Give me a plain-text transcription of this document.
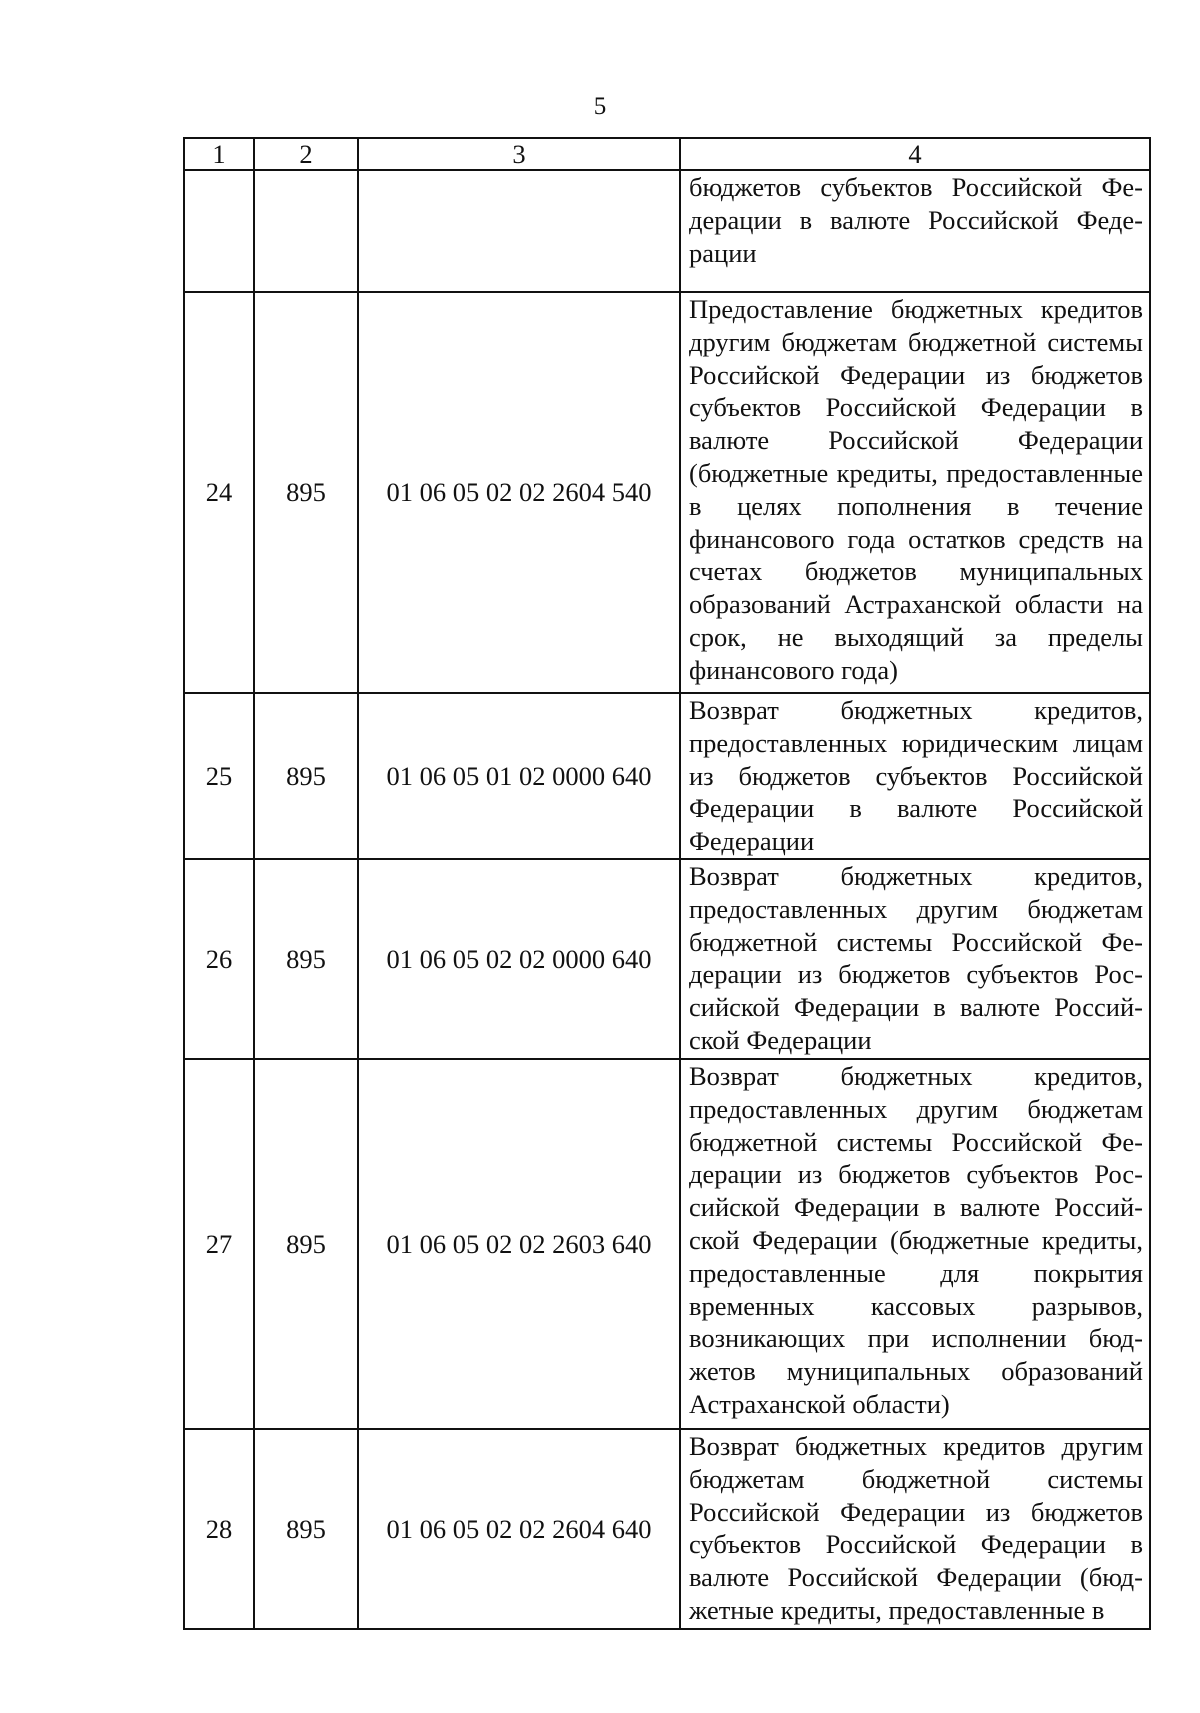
5
1	2	3	4
			бюджетов субъектов Российской Федерации в валюте Российской Федерации
24	895	01 06 05 02 02 2604 540	Предоставление бюджетных кредитов другим бюджетам бюджетной системы Российской Федерации из бюджетов субъектов Российской Федерации в валюте Российской Федерации (бюджетные кредиты, предоставленные в целях пополнения в течение финансового года остатков средств на счетах бюджетов муниципальных образований Астраханской области на срок, не выходящий за пределы финансового года)
25	895	01 06 05 01 02 0000 640	Возврат бюджетных кредитов, предоставленных юридическим лицам из бюджетов субъектов Российской Федерации в валюте Российской Федерации
26	895	01 06 05 02 02 0000 640	Возврат бюджетных кредитов, предоставленных другим бюджетам бюджетной системы Российской Федерации из бюджетов субъектов Российской Федерации в валюте Российской Федерации
27	895	01 06 05 02 02 2603 640	Возврат бюджетных кредитов, предоставленных другим бюджетам бюджетной системы Российской Федерации из бюджетов субъектов Российской Федерации в валюте Российской Федерации (бюджетные кредиты, предоставленные для покрытия временных кассовых разрывов, возникающих при исполнении бюджетов муниципальных образований Астраханской области)
28	895	01 06 05 02 02 2604 640	Возврат бюджетных кредитов другим бюджетам бюджетной системы Российской Федерации из бюджетов субъектов Российской Федерации в валюте Российской Федерации (бюджетные кредиты, предоставленные в
